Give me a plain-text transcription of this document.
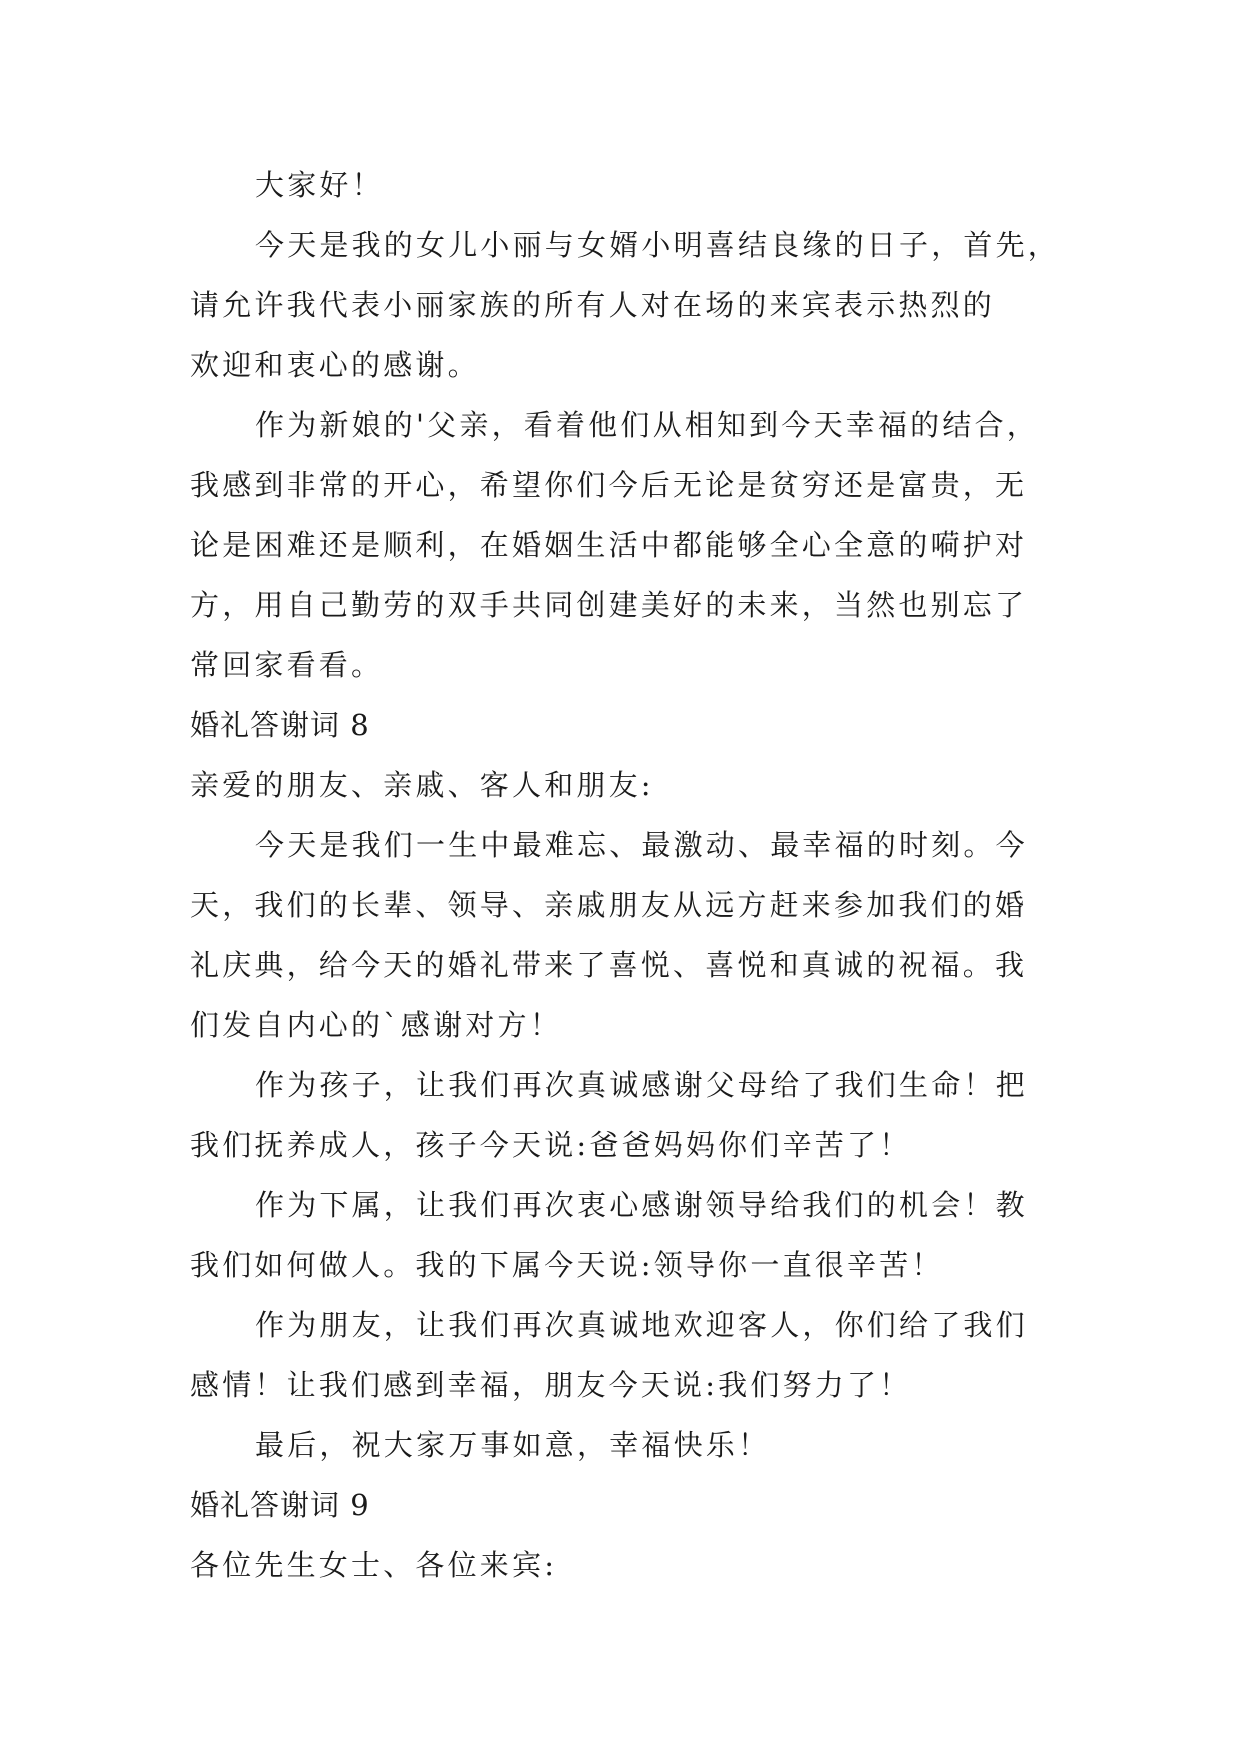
大家好！
今天是我的女儿小丽与女婿小明喜结良缘的日子，首先，
请允许我代表小丽家族的所有人对在场的来宾表示热烈的
欢迎和衷心的感谢。
作为新娘的'父亲，看着他们从相知到今天幸福的结合，
我感到非常的开心，希望你们今后无论是贫穷还是富贵，无
论是困难还是顺利，在婚姻生活中都能够全心全意的嗬护对
方，用自己勤劳的双手共同创建美好的未来，当然也别忘了
常回家看看。
婚礼答谢词 8
亲爱的朋友、亲戚、客人和朋友:
今天是我们一生中最难忘、最激动、最幸福的时刻。今
天，我们的长辈、领导、亲戚朋友从远方赶来参加我们的婚
礼庆典，给今天的婚礼带来了喜悦、喜悦和真诚的祝福。我
们发自内心的`感谢对方！
作为孩子，让我们再次真诚感谢父母给了我们生命！把
我们抚养成人，孩子今天说:爸爸妈妈你们辛苦了！
作为下属，让我们再次衷心感谢领导给我们的机会！教
我们如何做人。我的下属今天说:领导你一直很辛苦！
作为朋友，让我们再次真诚地欢迎客人，你们给了我们
感情！让我们感到幸福，朋友今天说:我们努力了！
最后，祝大家万事如意，幸福快乐！
婚礼答谢词 9
各位先生女士、各位来宾:
